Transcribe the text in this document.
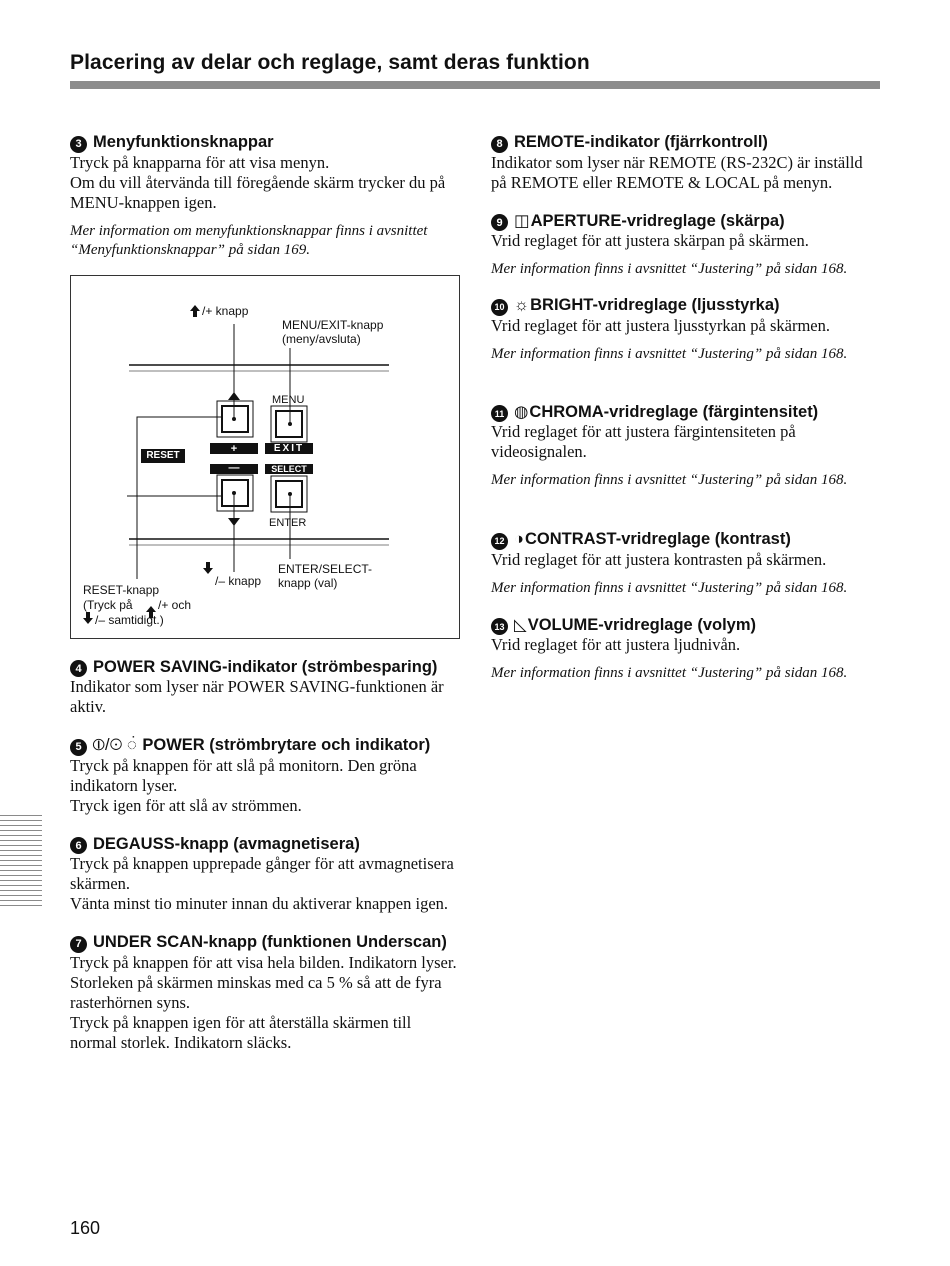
Placering av delar och reglage, samt deras funktion
3 Menyfunktionsknappar
Tryck på knapparna för att visa menyn.
Om du vill återvända till föregående skärm trycker du på MENU-knappen igen.
Mer information om menyfunktionsknappar finns i avsnittet “Menyfunktionsknappar” på sidan 169.
/+ knapp
MENU/EXIT-knapp (meny/avsluta)
MENU
+
—
EXIT
SELECT
RESET
ENTER
/– knapp
ENTER/SELECT- knapp (val)
RESET-knapp
(Tryck på /+ och
/– samtidigt.)
4 POWER SAVING-indikator (strömbesparing)
Indikator som lyser när POWER SAVING-funktionen är aktiv.
5 ⦶/⊙ ◌̇ POWER (strömbrytare och indikator)
Tryck på knappen för att slå på monitorn. Den gröna indikatorn lyser.
Tryck igen för att slå av strömmen.
6 DEGAUSS-knapp (avmagnetisera)
Tryck på knappen upprepade gånger för att avmagnetisera skärmen.
Vänta minst tio minuter innan du aktiverar knappen igen.
7 UNDER SCAN-knapp (funktionen Underscan)
Tryck på knappen för att visa hela bilden. Indikatorn lyser. Storleken på skärmen minskas med ca 5 % så att de fyra rasterhörnen syns.
Tryck på knappen igen för att återställa skärmen till normal storlek. Indikatorn släcks.
8 REMOTE-indikator (fjärrkontroll)
Indikator som lyser när REMOTE (RS-232C) är inställd på REMOTE eller REMOTE & LOCAL på menyn.
9 ◫APERTURE-vridreglage (skärpa)
Vrid reglaget för att justera skärpan på skärmen.
Mer information finns i avsnittet “Justering” på sidan 168.
10 ☼BRIGHT-vridreglage (ljusstyrka)
Vrid reglaget för att justera ljusstyrkan på skärmen.
Mer information finns i avsnittet “Justering” på sidan 168.
11 ◍CHROMA-vridreglage (färgintensitet)
Vrid reglaget för att justera färgintensiteten på videosignalen.
Mer information finns i avsnittet “Justering” på sidan 168.
12 ◑CONTRAST-vridreglage (kontrast)
Vrid reglaget för att justera kontrasten på skärmen.
Mer information finns i avsnittet “Justering” på sidan 168.
13 ◺VOLUME-vridreglage (volym)
Vrid reglaget för att justera ljudnivån.
Mer information finns i avsnittet “Justering” på sidan 168.
160
